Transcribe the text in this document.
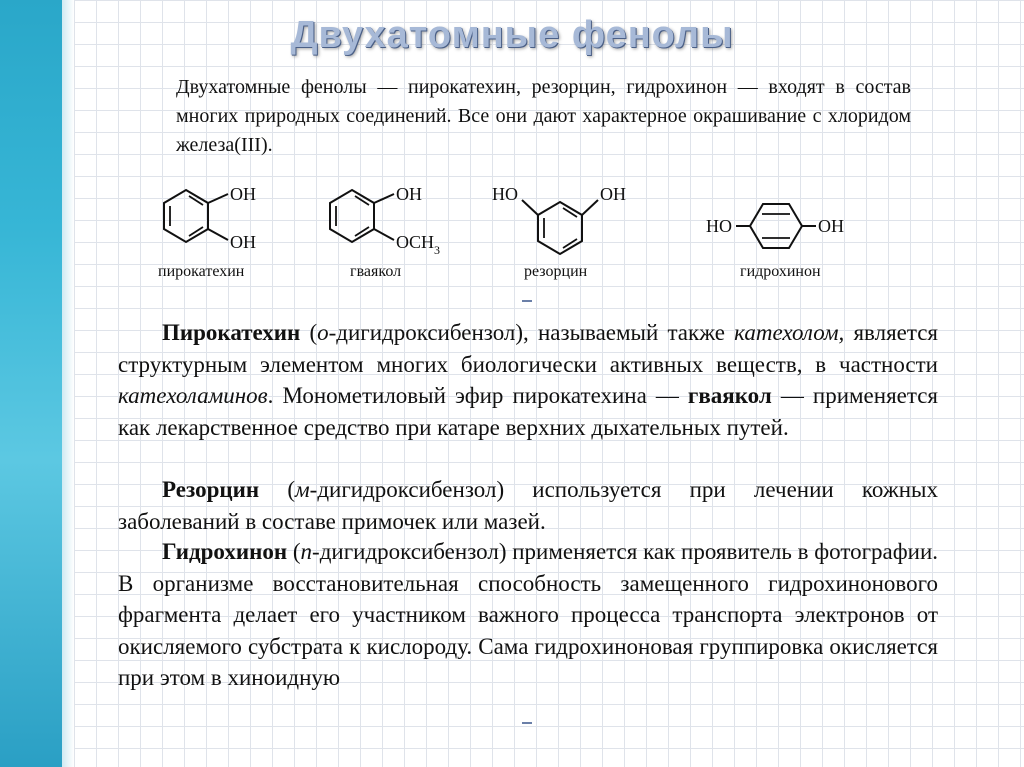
Двухатомные фенолы

Двухатомные фенолы — пирокатехин, резорцин, гидрохинон — входят в состав многих природных соединений. Все они дают характерное окрашивание с хлоридом железа(III).

OH
OH
пирокатехин
OH
$OCH_3$
гваякол
HO	OH
резорцин
HO	OH
гидрохинон

Пирокатехин (о-дигидроксибензол), называемый также катехолом, является структурным элементом многих биологически активных веществ, в частности катехоламинов. Монометиловый эфир пирокатехина — гваякол — применяется как лекарственное средство при катаре верхних дыхательных путей.

Резорцин (м-дигидроксибензол) используется при лечении кожных заболеваний в составе примочек или мазей.

Гидрохинон (п-дигидроксибензол) применяется как проявитель в фотографии. В организме восстановительная способность замещенного гидрохинонового фрагмента делает его участником важного процесса транспорта электронов от окисляемого субстрата к кислороду. Сама гидрохиноновая группировка окисляется при этом в хиноидную
